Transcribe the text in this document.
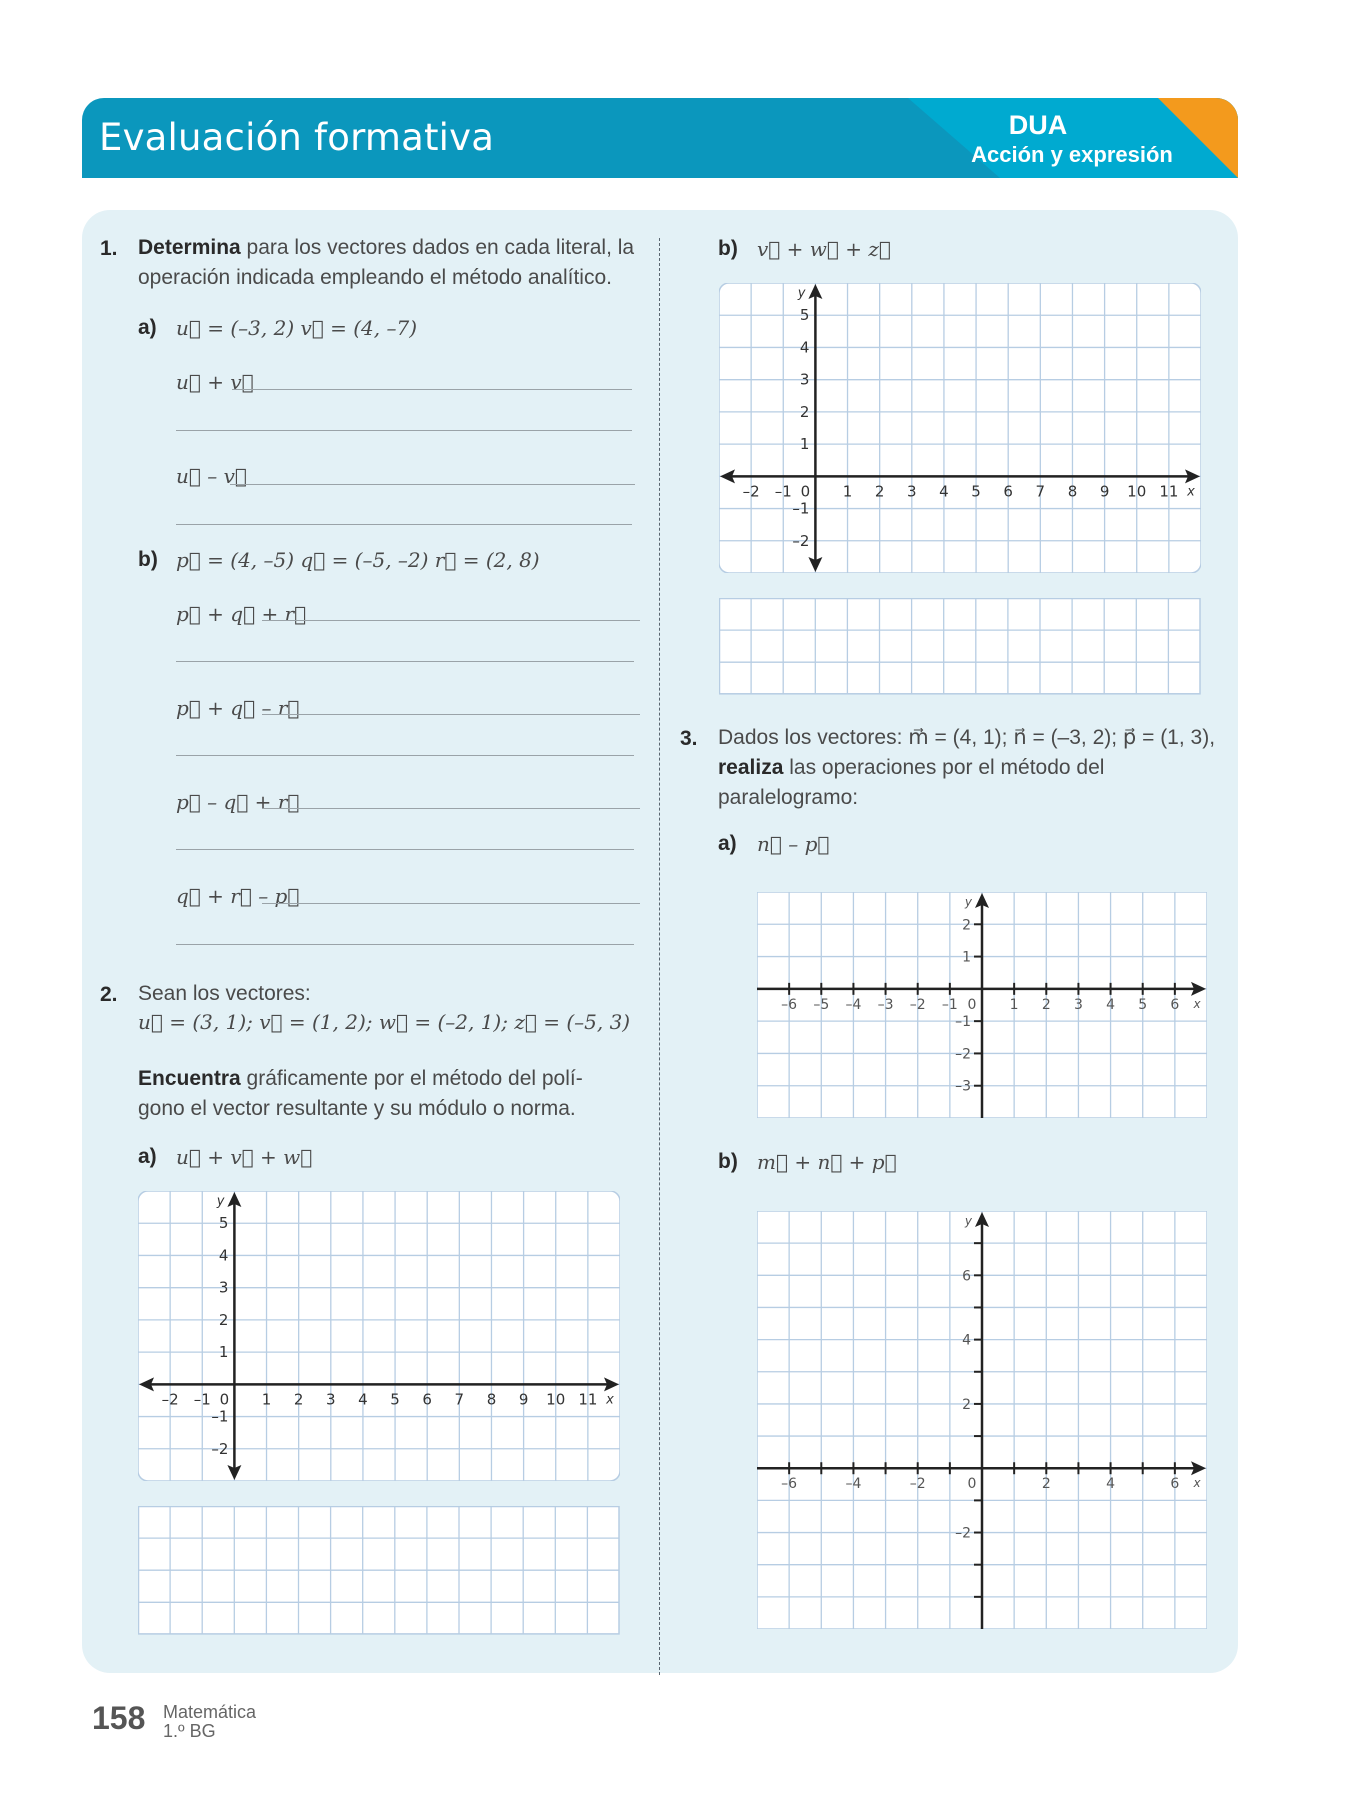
Evaluación formativa	DUA
Acción y expresión
1. Determina para los vectores dados en cada literal, la
operación indicada empleando el método analítico.
a) u⃗ = (–3, 2) v⃗ = (4, –7)
u⃗ + v⃗
u⃗ – v⃗
b) p⃗ = (4, –5) q⃗ = (–5, –2) r⃗ = (2, 8)
p⃗ + q⃗ + r⃗
p⃗ + q⃗ – r⃗
p⃗ – q⃗ + r⃗
q⃗ + r⃗ – p⃗
2. Sean los vectores:
u⃗ = (3, 1); v⃗ = (1, 2); w⃗ = (–2, 1); z⃗ = (–5, 3)
Encuentra gráficamente por el método del polí-
gono el vector resultante y su módulo o norma.
a) u⃗ + v⃗ + w⃗
–2 –1 0 1 2 3 4 5 6 7 8 9 10 11 x
5
4
3
2
1
–1
–2
y
b) v⃗ + w⃗ + z⃗
–2 –1 0 1 2 3 4 5 6 7 8 9 10 11 x
5
4
3
2
1
–1
–2
y
3. Dados los vectores: m⃗ = (4, 1); n⃗ = (–3, 2); p⃗ = (1, 3),
realiza las operaciones por el método del
paralelogramo:
a) n⃗ – p⃗
–6 –5 –4 –3 –2 –1 0 1 2 3 4 5 6 x
2
1
–1
–2
–3
y
b) m⃗ + n⃗ + p⃗
–6	–4	–2	0	2	4	6 x
6
4
2
–2
y
158 Matemática
1.º BG
